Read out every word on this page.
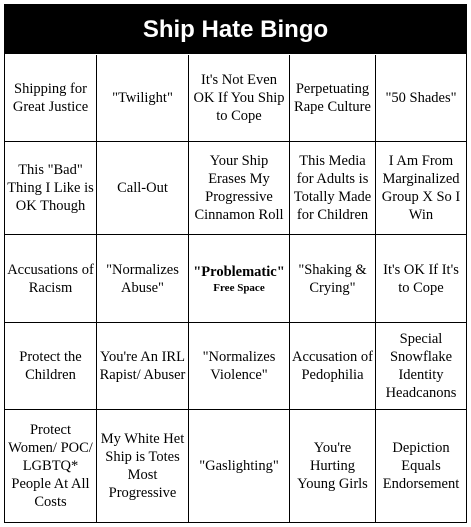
Ship Hate Bingo
Shipping for Great Justice
"Twilight"
It's Not Even OK If You Ship to Cope
Perpetuating Rape Culture
"50 Shades"
This "Bad" Thing I Like is OK Though
Call-Out
Your Ship Erases My Progressive Cinnamon Roll
This Media for Adults is Totally Made for Children
I Am From Marginalized Group X So I Win
Accusations of Racism
"Normalizes Abuse"
"Problematic"
Free Space
"Shaking & Crying"
It's OK If It's to Cope
Protect the Children
You're An IRL Rapist/ Abuser
"Normalizes Violence"
Accusation of Pedophilia
Special Snowflake Identity Headcanons
Protect Women/ POC/ LGBTQ* People At All Costs
My White Het Ship is Totes Most Progressive
"Gaslighting"
You're Hurting Young Girls
Depiction Equals Endorsement
